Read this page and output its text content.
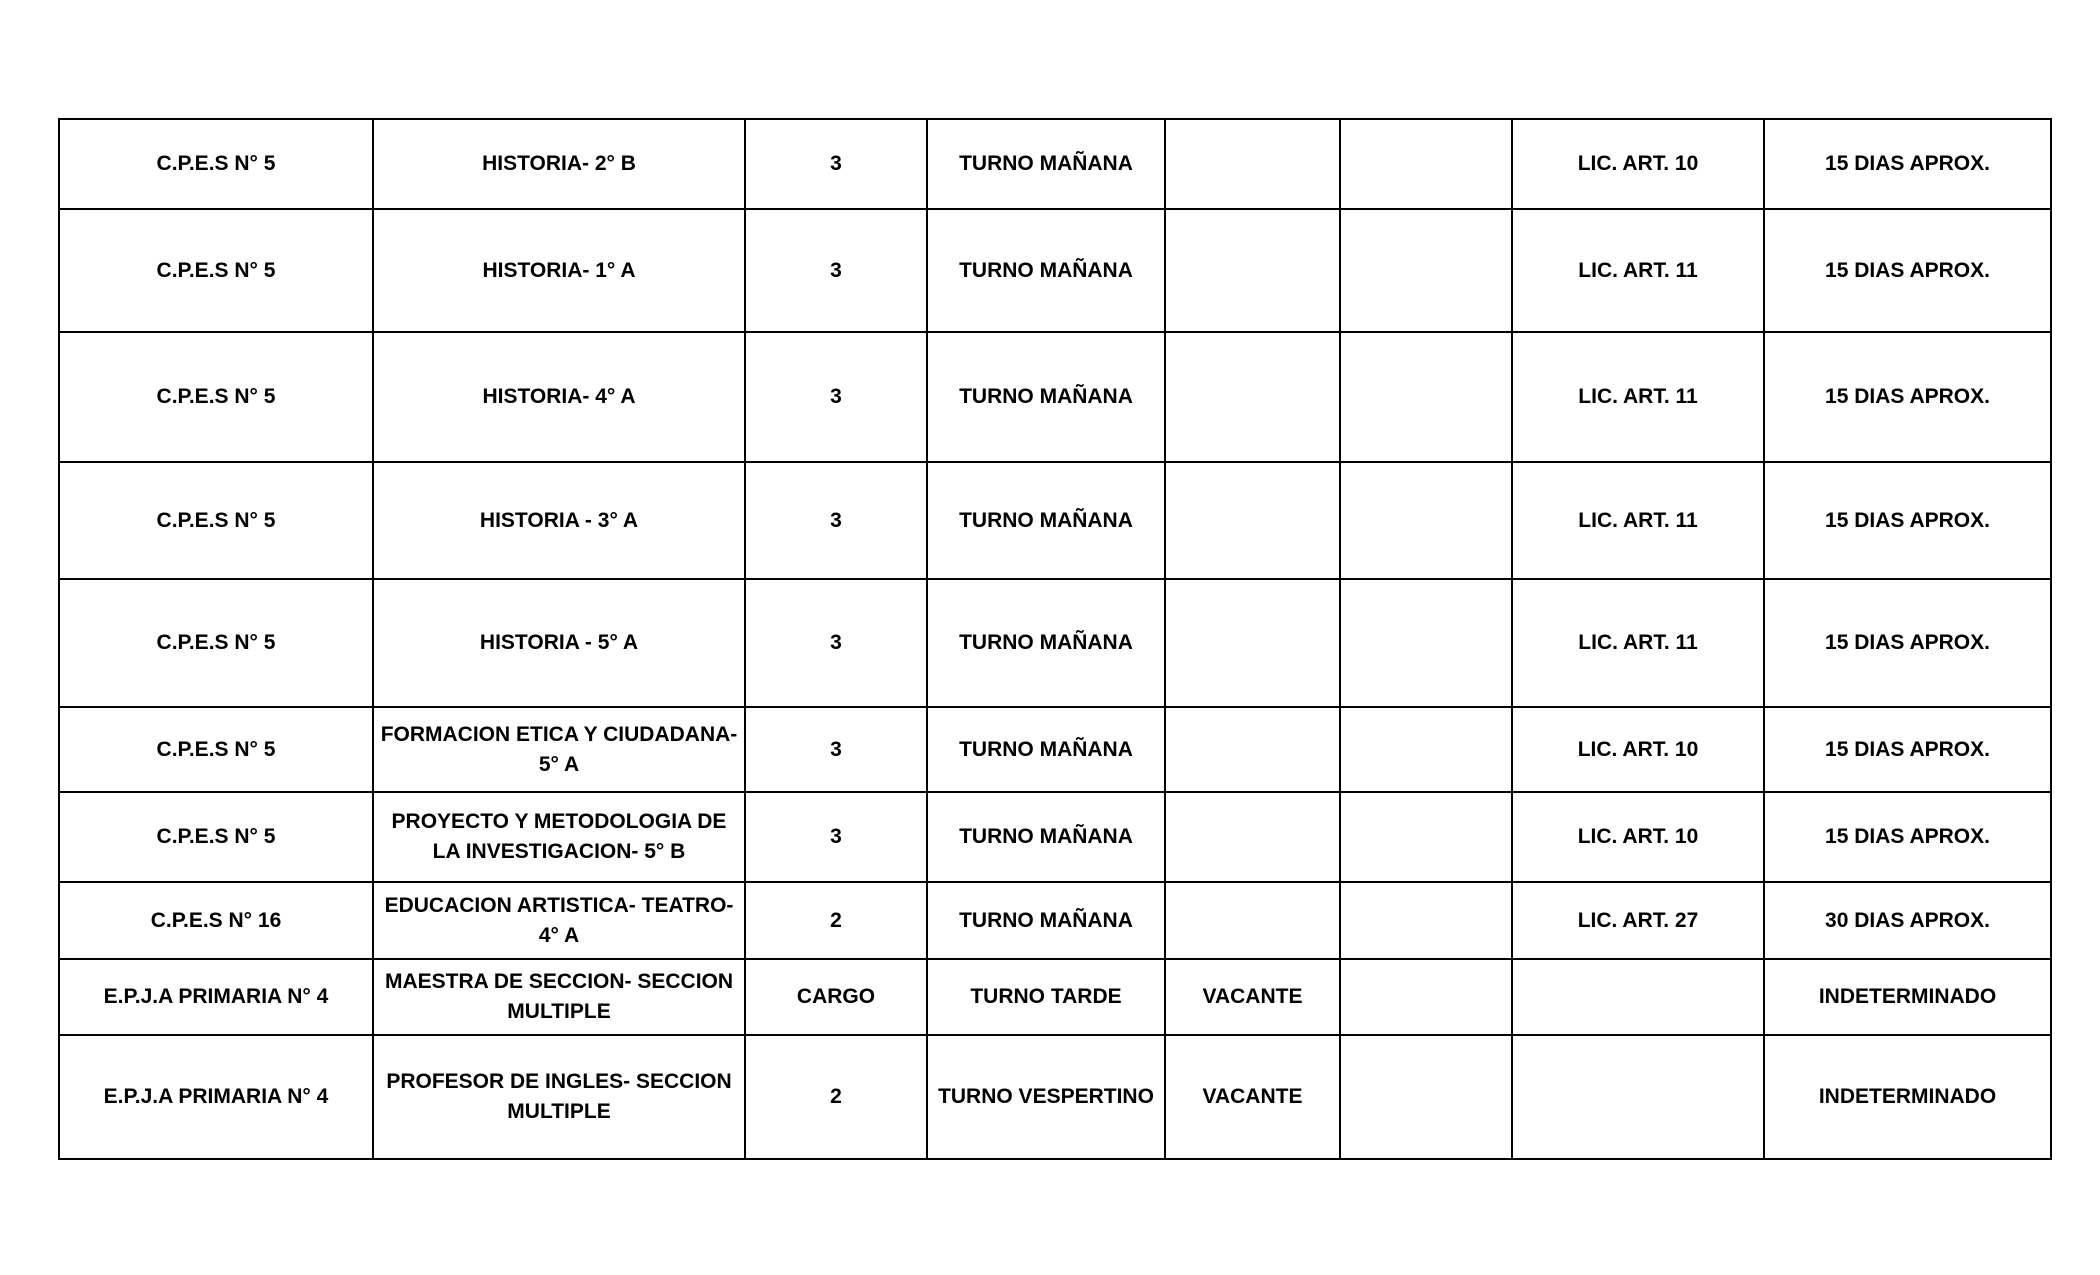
C.P.E.S N° 5	HISTORIA- 2° B	3	TURNO MAÑANA			LIC. ART. 10	15 DIAS APROX.
C.P.E.S N° 5	HISTORIA- 1° A	3	TURNO MAÑANA			LIC. ART. 11	15 DIAS APROX.
C.P.E.S N° 5	HISTORIA- 4° A	3	TURNO MAÑANA			LIC. ART. 11	15 DIAS APROX.
C.P.E.S N° 5	HISTORIA - 3° A	3	TURNO MAÑANA			LIC. ART. 11	15 DIAS APROX.
C.P.E.S N° 5	HISTORIA - 5° A	3	TURNO MAÑANA			LIC. ART. 11	15 DIAS APROX.
C.P.E.S N° 5	FORMACION ETICA Y CIUDADANA- 5° A	3	TURNO MAÑANA			LIC. ART. 10	15 DIAS APROX.
C.P.E.S N° 5	PROYECTO Y METODOLOGIA DE LA INVESTIGACION- 5° B	3	TURNO MAÑANA			LIC. ART. 10	15 DIAS APROX.
C.P.E.S N° 16	EDUCACION ARTISTICA- TEATRO- 4° A	2	TURNO MAÑANA			LIC. ART. 27	30 DIAS APROX.
E.P.J.A PRIMARIA N° 4	MAESTRA DE SECCION- SECCION MULTIPLE	CARGO	TURNO TARDE	VACANTE			INDETERMINADO
E.P.J.A PRIMARIA N° 4	PROFESOR DE INGLES- SECCION MULTIPLE	2	TURNO VESPERTINO	VACANTE			INDETERMINADO
